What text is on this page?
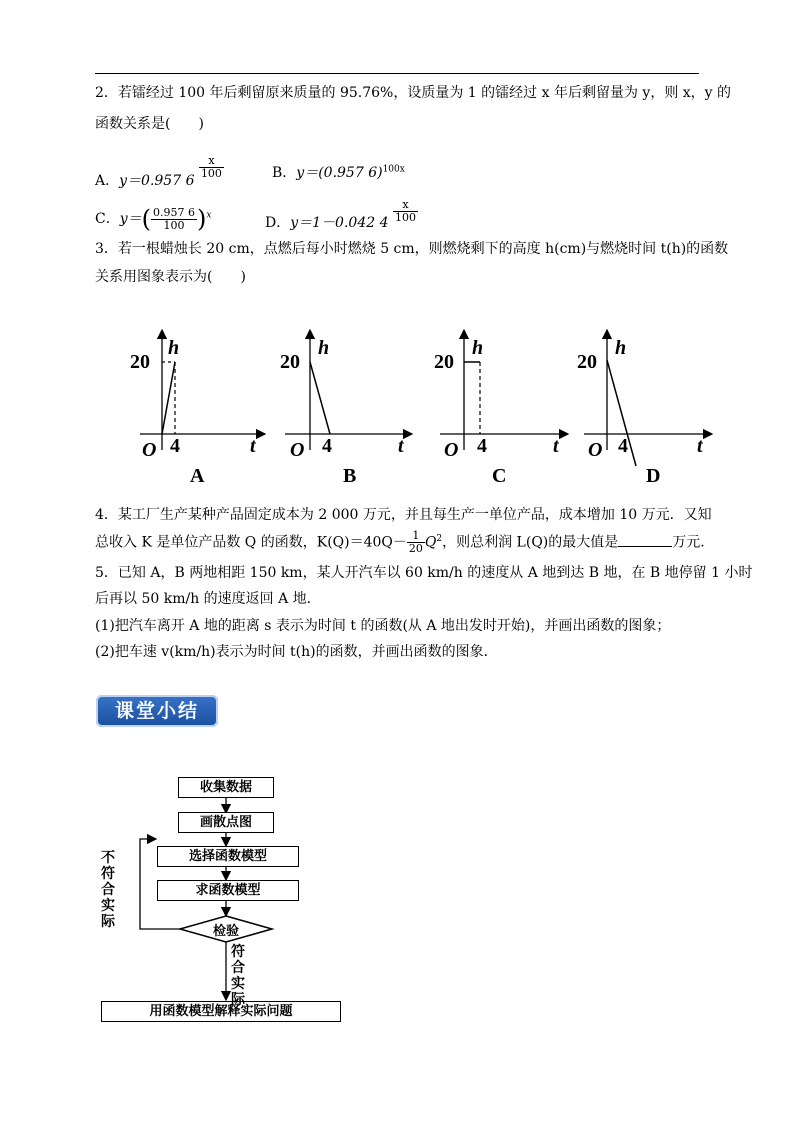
2．若镭经过 100 年后剩留原来质量的 95.76%，设质量为 1 的镭经过 x 年后剩留量为 y，则 x，y 的
函数关系是(　　)
A．y＝0.957 6
$\frac{x}{100}$	B．y＝(0.957 6)$^{100x}$
C．$y=( \frac{0.957 6}{100} )^x$	D．y＝1－0.042 $4 \frac{x}{100}$
3．若一根蜡烛长 20 cm，点燃后每小时燃烧 5 cm，则燃烧剩下的高度 h(cm)与燃烧时间 t(h)的函数
关系用图象表示为(　　)
20
h
O 4	t
A
20
h
O 4	t
B
20
h
O 4	t
C
20
h
O 4	t
D
4．某工厂生产某种产品固定成本为 2 000 万元，并且每生产一单位产品，成本增加 10 万元．又知
总收入 K 是单位产品数 Q 的函数，$K(Q)=40Q- \frac{1}{20} Q^2$，则总利润 L(Q)的最大值是	万元.
5．已知 A，B 两地相距 150 km，某人开汽车以 60 km/h 的速度从 A 地到达 B 地，在 B 地停留 1 小时
后再以 50 km/h 的速度返回 A 地．
(1)把汽车离开 A 地的距离 s 表示为时间 t 的函数(从 A 地出发时开始)，并画出函数的图象；
(2)把车速 v(km/h)表示为时间 t(h)的函数，并画出函数的图象．
课堂小结
收集数据
画散点图
选择函数模型
求函数模型
检验
用函数模型解释实际问题
不符合实际
符合实际
